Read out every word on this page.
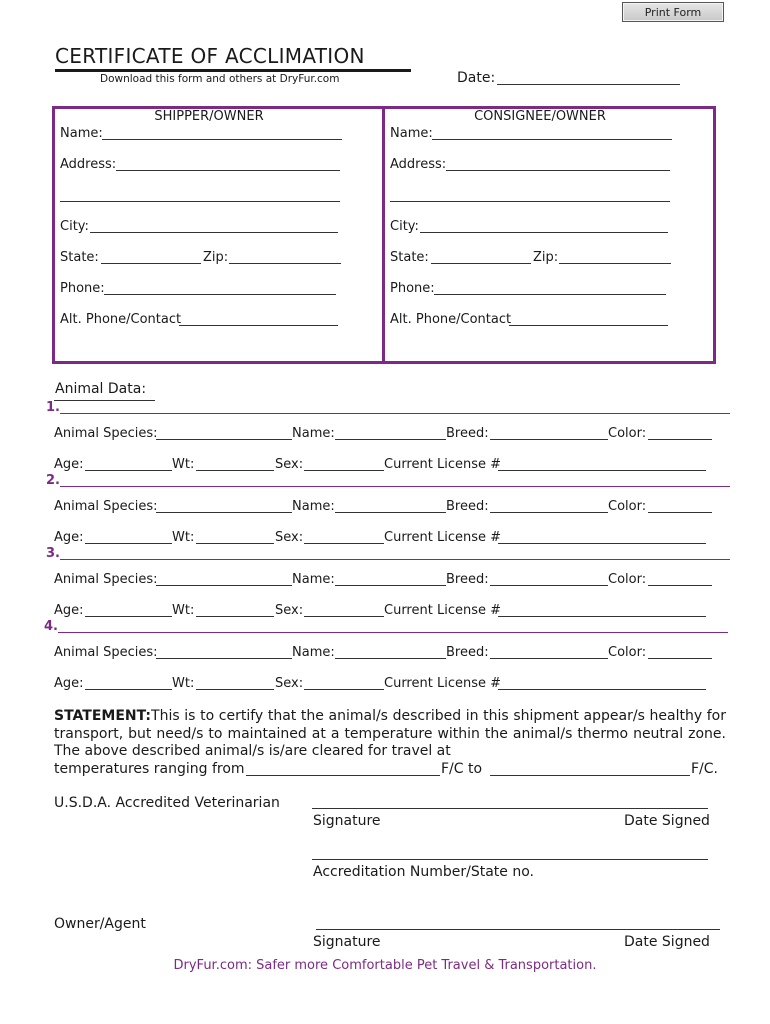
Print Form
CERTIFICATE OF ACCLIMATION
Download this form and others at DryFur.com	Date:
SHIPPER/OWNER
Name:
Address:
City:
State:	Zip:
Phone:
Alt. Phone/Contact
CONSIGNEE/OWNER
Name:
Address:
City:
State:	Zip:
Phone:
Alt. Phone/Contact
Animal Data:
1.
Animal Species:	Name:	Breed:	Color:
Age:	Wt:	Sex:	Current License #
2.
Animal Species:	Name:	Breed:	Color:
Age:	Wt:	Sex:	Current License #
3.
Animal Species:	Name:	Breed:	Color:
Age:	Wt:	Sex:	Current License #
4.
Animal Species:	Name:	Breed:	Color:
Age:	Wt:	Sex:	Current License #
STATEMENT:This is to certify that the animal/s described in this shipment appear/s healthy for transport, but need/s to maintained at a temperature within the animal/s thermo neutral zone. The above described animal/s is/are cleared for travel at
temperatures ranging from	F/C to	F/C.
U.S.D.A. Accredited Veterinarian
Signature	Date Signed
Accreditation Number/State no.
Owner/Agent
Signature	Date Signed
DryFur.com: Safer more Comfortable Pet Travel & Transportation.
